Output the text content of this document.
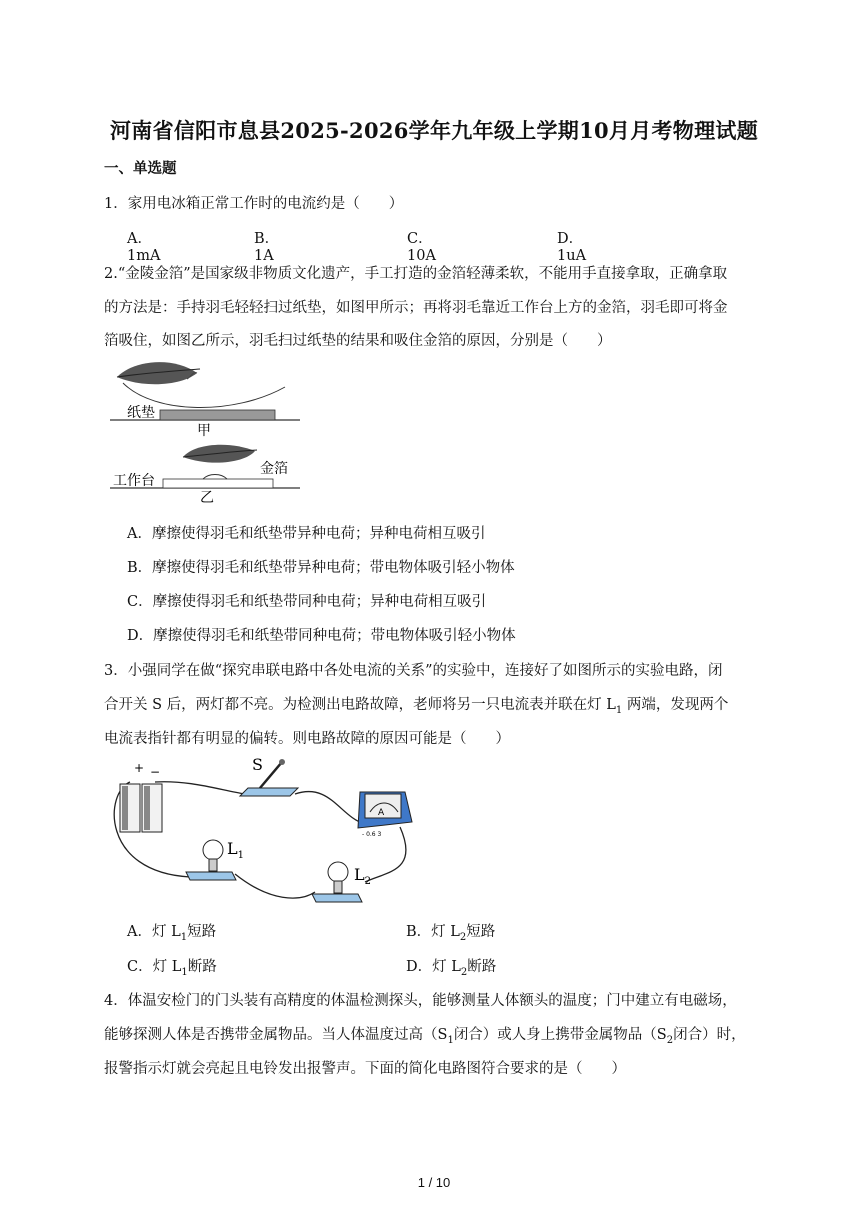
河南省信阳市息县2025-2026学年九年级上学期10月月考物理试题
一、单选题
1．家用电冰箱正常工作时的电流约是（　　）
A．1mA
B．1A
C．10A
D．1uA
2.“金陵金箔”是国家级非物质文化遗产，手工打造的金箔轻薄柔软，不能用手直接拿取，正确拿取
的方法是：手持羽毛轻轻扫过纸垫，如图甲所示；再将羽毛靠近工作台上方的金箔，羽毛即可将金
箔吸住，如图乙所示，羽毛扫过纸垫的结果和吸住金箔的原因，分别是（　　）
纸垫
甲
金箔
工作台
乙
A．摩擦使得羽毛和纸垫带异种电荷；异种电荷相互吸引
B．摩擦使得羽毛和纸垫带异种电荷；带电物体吸引轻小物体
C．摩擦使得羽毛和纸垫带同种电荷；异种电荷相互吸引
D．摩擦使得羽毛和纸垫带同种电荷；带电物体吸引轻小物体
3．小强同学在做“探究串联电路中各处电流的关系”的实验中，连接好了如图所示的实验电路，闭
合开关 S 后，两灯都不亮。为检测出电路故障，老师将另一只电流表并联在灯 $L_1$ 两端，发现两个
电流表指针都有明显的偏转。则电路故障的原因可能是（　　）
+ −	S
A
- 0.6 3
$L_1$
$L_2$
A．灯 $L_1$短路	B．灯 $L_2$短路
C．灯 $L_1$断路	D．灯 $L_2$断路
4．体温安检门的门头装有高精度的体温检测探头，能够测量人体额头的温度；门中建立有电磁场，
能够探测人体是否携带金属物品。当人体温度过高（$S_1$闭合）或人身上携带金属物品（$S_2$闭合）时，
报警指示灯就会亮起且电铃发出报警声。下面的简化电路图符合要求的是（　　）
1 / 10
